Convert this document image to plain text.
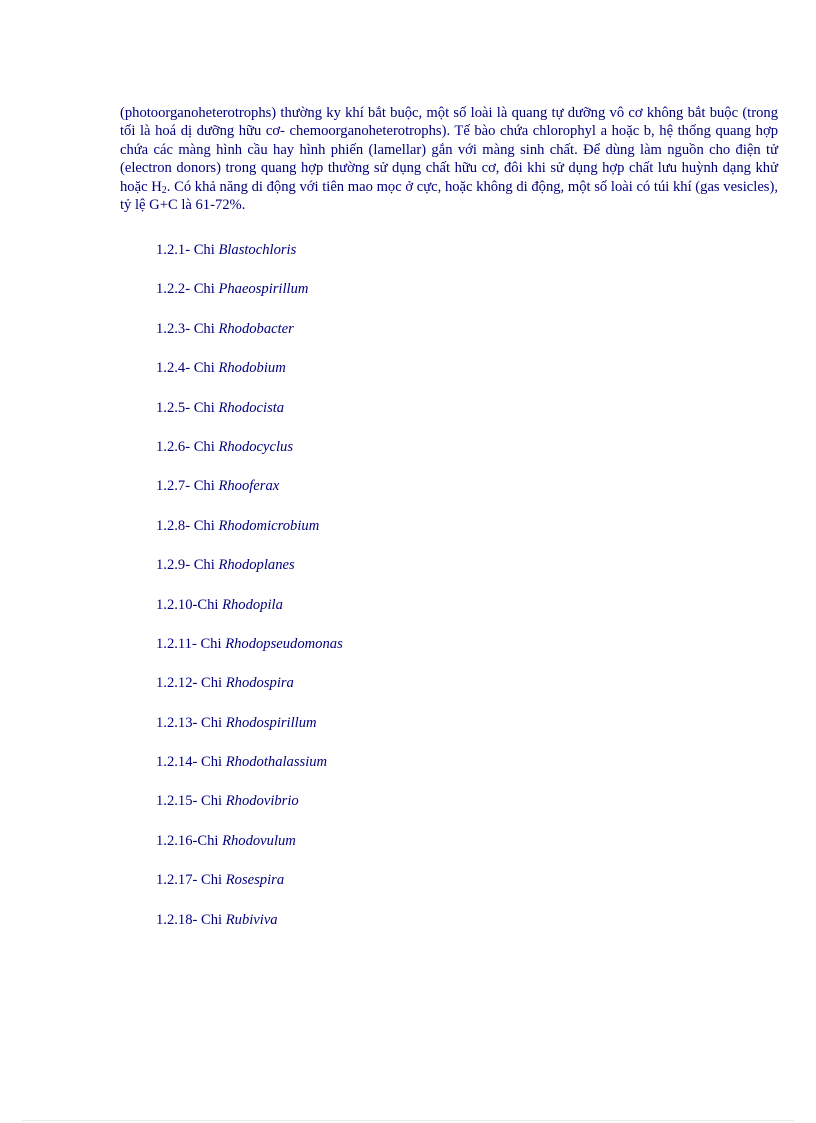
(photoorganoheterotrophs) thường ky khí bắt buộc, một số loài là quang tự dưỡng vô cơ không bắt buộc (trong tối là hoá dị dưỡng hữu cơ- chemoorganoheterotrophs). Tế bào chứa chlorophyl a hoặc b, hệ thống quang hợp chứa các màng hình cầu hay hình phiến (lamellar) gắn với màng sinh chất. Để dùng làm nguồn cho điện tử (electron donors) trong quang hợp thường sử dụng chất hữu cơ, đôi khi sử dụng hợp chất lưu huỳnh dạng khử hoặc $H_2$. Có khả năng di động với tiên mao mọc ở cực, hoặc không di động, một số loài có túi khí (gas vesicles), tỷ lệ G+C là 61-72%.

1.2.1- Chi Blastochloris
1.2.2- Chi Phaeospirillum
1.2.3- Chi Rhodobacter
1.2.4- Chi Rhodobium
1.2.5- Chi Rhodocista
1.2.6- Chi Rhodocyclus
1.2.7- Chi Rhooferax
1.2.8- Chi Rhodomicrobium
1.2.9- Chi Rhodoplanes
1.2.10-Chi Rhodopila
1.2.11- Chi Rhodopseudomonas
1.2.12- Chi Rhodospira
1.2.13- Chi Rhodospirillum
1.2.14- Chi Rhodothalassium
1.2.15- Chi Rhodovibrio
1.2.16-Chi Rhodovulum
1.2.17- Chi Rosespira
1.2.18- Chi Rubiviva
